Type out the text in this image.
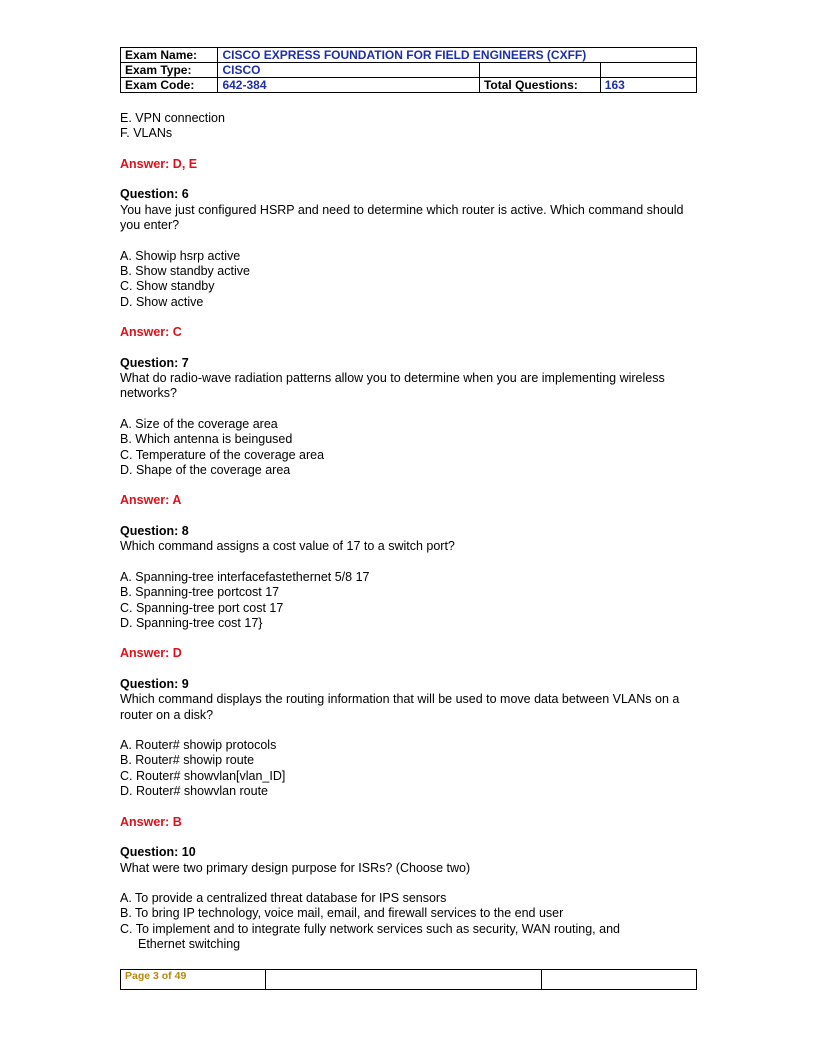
Exam Name:	CISCO EXPRESS FOUNDATION FOR FIELD ENGINEERS (CXFF)		
Exam Type:	CISCO		
Exam Code:	642-384	Total Questions:	163
E. VPN connection
F. VLANs
Answer: D, E
Question: 6
You have just configured HSRP and need to determine which router is active. Which command should you enter?
A. Showip hsrp active
B. Show standby active
C. Show standby
D. Show active
Answer: C
Question: 7
What do radio-wave radiation patterns allow you to determine when you are implementing wireless networks?
A. Size of the coverage area
B. Which antenna is beingused
C. Temperature of the coverage area
D. Shape of the coverage area
Answer: A
Question: 8
Which command assigns a cost value of 17 to a switch port?
A. Spanning-tree interfacefastethernet 5/8 17
B. Spanning-tree portcost 17
C. Spanning-tree port cost 17
D. Spanning-tree cost 17}
Answer: D
Question: 9
Which command displays the routing information that will be used to move data between VLANs on a router on a disk?
A. Router# showip protocols
B. Router# showip route
C. Router# showvlan[vlan_ID]
D. Router# showvlan route
Answer: B
Question: 10
What were two primary design purpose for ISRs? (Choose two)
A. To provide a centralized threat database for IPS sensors
B. To bring IP technology, voice mail, email, and firewall services to the end user
C. To implement and to integrate fully network services such as security, WAN routing, and
Ethernet switching
Page 3 of 49		
